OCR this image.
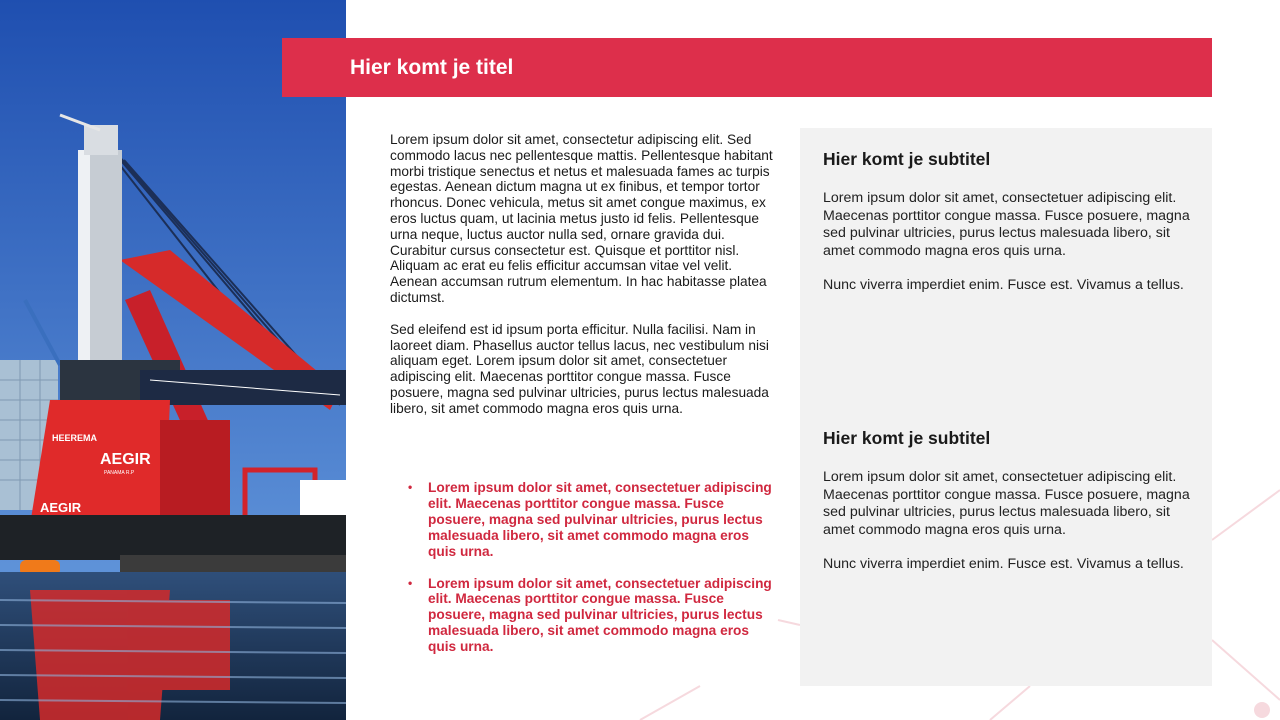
HEEREMA
AEGIR
PANAMA R.P
AEGIR
Hier komt je titel

Lorem ipsum dolor sit amet, consectetur adipiscing elit. Sed commodo lacus nec pellentesque mattis. Pellentesque habitant morbi tristique senectus et netus et malesuada fames ac turpis egestas. Aenean dictum magna ut ex finibus, et tempor tortor rhoncus. Donec vehicula, metus sit amet congue maximus, ex eros luctus quam, ut lacinia metus justo id felis. Pellentesque urna neque, luctus auctor nulla sed, ornare gravida dui. Curabitur cursus consectetur est. Quisque et porttitor nisl. Aliquam ac erat eu felis efficitur accumsan vitae vel velit. Aenean accumsan rutrum elementum. In hac habitasse platea dictumst.

Sed eleifend est id ipsum porta efficitur. Nulla facilisi. Nam in laoreet diam. Phasellus auctor tellus lacus, nec vestibulum nisi aliquam eget. Lorem ipsum dolor sit amet, consectetuer adipiscing elit. Maecenas porttitor congue massa. Fusce posuere, magna sed pulvinar ultricies, purus lectus malesuada libero, sit amet commodo magna eros quis urna.

• Lorem ipsum dolor sit amet, consectetuer adipiscing elit. Maecenas porttitor congue massa. Fusce posuere, magna sed pulvinar ultricies, purus lectus malesuada libero, sit amet commodo magna eros quis urna.
• Lorem ipsum dolor sit amet, consectetuer adipiscing elit. Maecenas porttitor congue massa. Fusce posuere, magna sed pulvinar ultricies, purus lectus malesuada libero, sit amet commodo magna eros quis urna.
Hier komt je subtitel

Lorem ipsum dolor sit amet, consectetuer adipiscing elit. Maecenas porttitor congue massa. Fusce posuere, magna sed pulvinar ultricies, purus lectus malesuada libero, sit amet commodo magna eros quis urna.

Nunc viverra imperdiet enim. Fusce est. Vivamus a tellus.

Hier komt je subtitel

Lorem ipsum dolor sit amet, consectetuer adipiscing elit. Maecenas porttitor congue massa. Fusce posuere, magna sed pulvinar ultricies, purus lectus malesuada libero, sit amet commodo magna eros quis urna.

Nunc viverra imperdiet enim. Fusce est. Vivamus a tellus.
